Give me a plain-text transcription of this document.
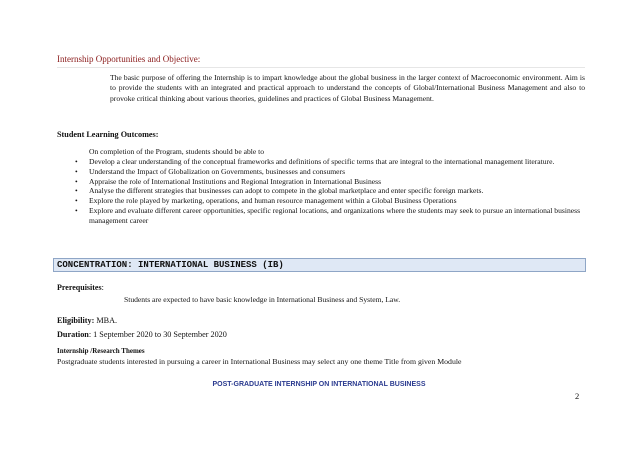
Internship Opportunities and Objective:
The basic purpose of offering the Internship is to impart knowledge about the global business in the larger context of Macroeconomic environment. Aim is to provide the students with an integrated and practical approach to understand the concepts of Global/International Business Management and also to provoke critical thinking about various theories, guidelines and practices of Global Business Management.
Student Learning Outcomes:
On completion of the Program, students should be able to
• Develop a clear understanding of the conceptual frameworks and definitions of specific terms that are integral to the international management literature.
• Understand the Impact of Globalization on Governments, businesses and consumers
• Appraise the role of International Institutions and Regional Integration in International Business
• Analyse the different strategies that businesses can adopt to compete in the global marketplace and enter specific foreign markets.
• Explore the role played by marketing, operations, and human resource management within a Global Business Operations
• Explore and evaluate different career opportunities, specific regional locations, and organizations where the students may seek to pursue an international business management career
CONCENTRATION: INTERNATIONAL BUSINESS (IB)
Prerequisites:
Students are expected to have basic knowledge in International Business and System, Law.
Eligibility: MBA.
Duration: 1 September 2020 to 30 September 2020
Internship /Research Themes
Postgraduate students interested in pursuing a career in International Business may select any one theme Title from given Module
POST-GRADUATE INTERNSHIP ON INTERNATIONAL BUSINESS
2
